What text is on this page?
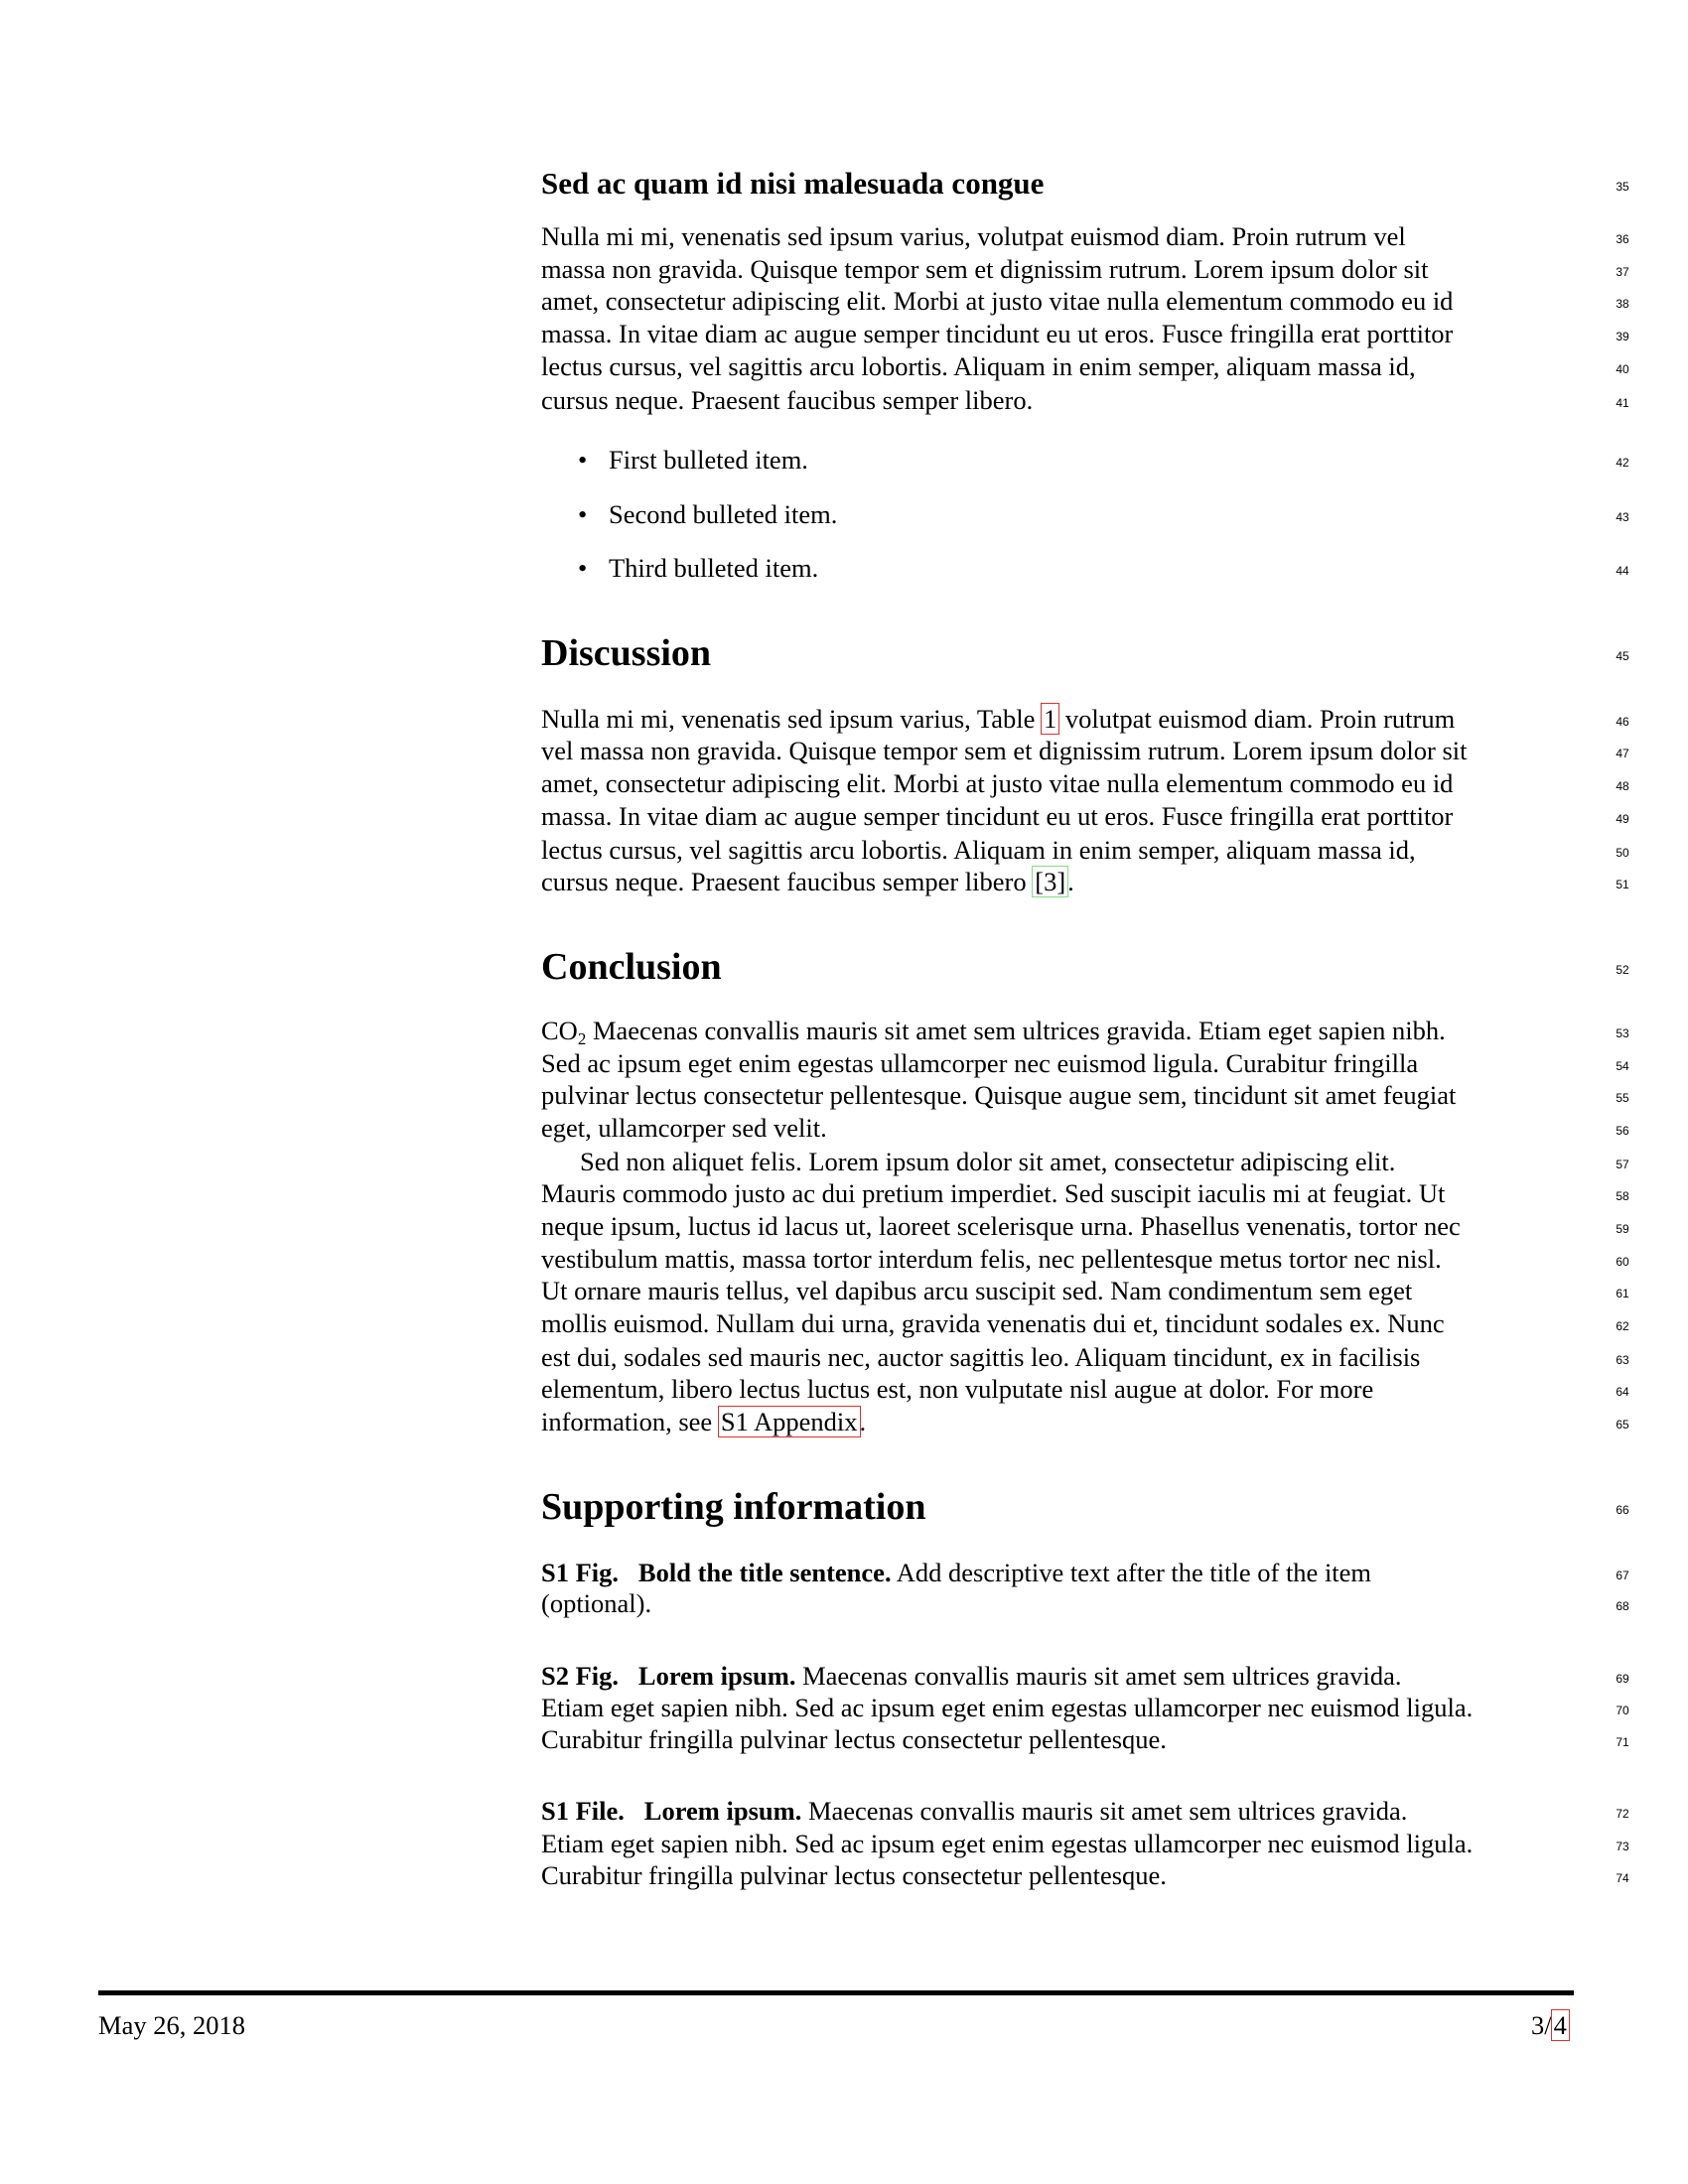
Sed ac quam id nisi malesuada congue	35
Nulla mi mi, venenatis sed ipsum varius, volutpat euismod diam. Proin rutrum vel	36
massa non gravida. Quisque tempor sem et dignissim rutrum. Lorem ipsum dolor sit	37
amet, consectetur adipiscing elit. Morbi at justo vitae nulla elementum commodo eu id	38
massa. In vitae diam ac augue semper tincidunt eu ut eros. Fusce fringilla erat porttitor	39
lectus cursus, vel sagittis arcu lobortis. Aliquam in enim semper, aliquam massa id,	40
cursus neque. Praesent faucibus semper libero.	41
• First bulleted item.	42
• Second bulleted item.	43
• Third bulleted item.	44
Discussion	45
Nulla mi mi, venenatis sed ipsum varius, Table 1 volutpat euismod diam. Proin rutrum	46
vel massa non gravida. Quisque tempor sem et dignissim rutrum. Lorem ipsum dolor sit	47
amet, consectetur adipiscing elit. Morbi at justo vitae nulla elementum commodo eu id	48
massa. In vitae diam ac augue semper tincidunt eu ut eros. Fusce fringilla erat porttitor	49
lectus cursus, vel sagittis arcu lobortis. Aliquam in enim semper, aliquam massa id,	50
cursus neque. Praesent faucibus semper libero [3].	51
Conclusion	52
$CO_2$ Maecenas convallis mauris sit amet sem ultrices gravida. Etiam eget sapien nibh.	53
Sed ac ipsum eget enim egestas ullamcorper nec euismod ligula. Curabitur fringilla	54
pulvinar lectus consectetur pellentesque. Quisque augue sem, tincidunt sit amet feugiat	55
eget, ullamcorper sed velit.	56
Sed non aliquet felis. Lorem ipsum dolor sit amet, consectetur adipiscing elit.	57
Mauris commodo justo ac dui pretium imperdiet. Sed suscipit iaculis mi at feugiat. Ut	58
neque ipsum, luctus id lacus ut, laoreet scelerisque urna. Phasellus venenatis, tortor nec	59
vestibulum mattis, massa tortor interdum felis, nec pellentesque metus tortor nec nisl.	60
Ut ornare mauris tellus, vel dapibus arcu suscipit sed. Nam condimentum sem eget	61
mollis euismod. Nullam dui urna, gravida venenatis dui et, tincidunt sodales ex. Nunc	62
est dui, sodales sed mauris nec, auctor sagittis leo. Aliquam tincidunt, ex in facilisis	63
elementum, libero lectus luctus est, non vulputate nisl augue at dolor. For more	64
information, see S1 Appendix.	65
Supporting information	66
S1 Fig. Bold the title sentence. Add descriptive text after the title of the item	67
(optional).	68
S2 Fig. Lorem ipsum. Maecenas convallis mauris sit amet sem ultrices gravida.	69
Etiam eget sapien nibh. Sed ac ipsum eget enim egestas ullamcorper nec euismod ligula.	70
Curabitur fringilla pulvinar lectus consectetur pellentesque.	71
S1 File. Lorem ipsum. Maecenas convallis mauris sit amet sem ultrices gravida.	72
Etiam eget sapien nibh. Sed ac ipsum eget enim egestas ullamcorper nec euismod ligula.	73
Curabitur fringilla pulvinar lectus consectetur pellentesque.	74
May 26, 2018	3/4
